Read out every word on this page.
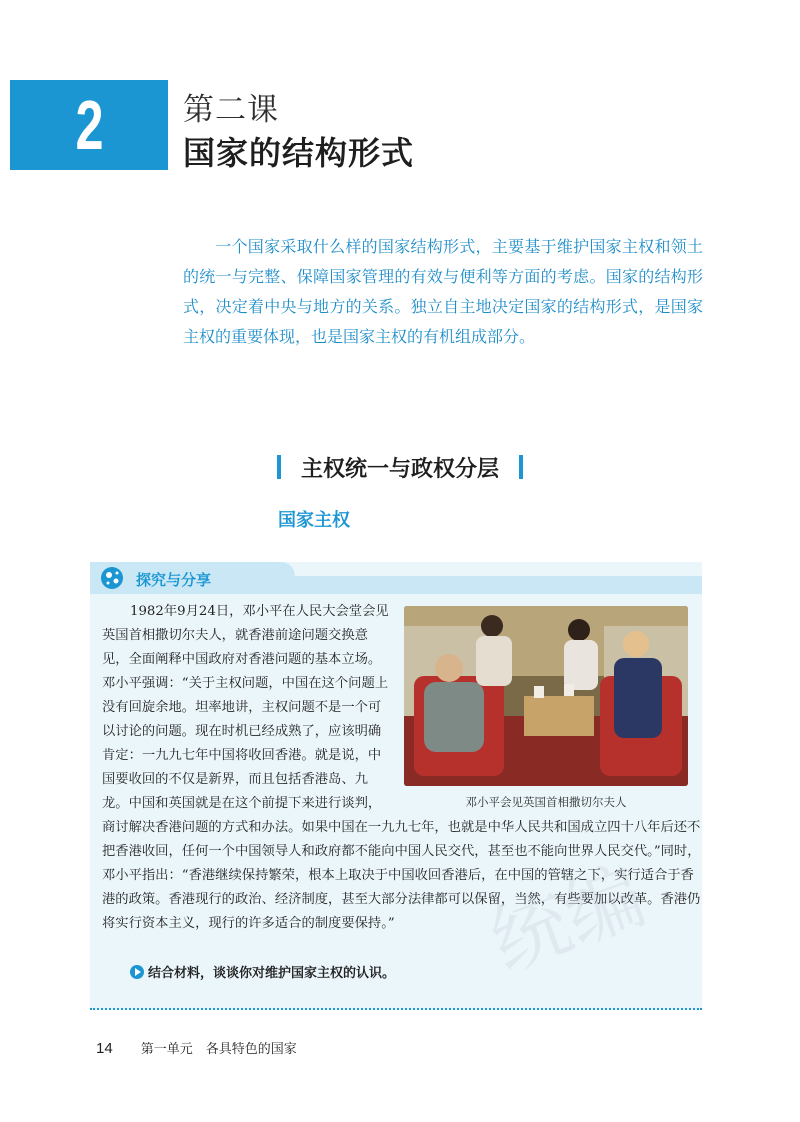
2	第二课
国家的结构形式
一个国家采取什么样的国家结构形式，主要基于维护国家主权和领土的统一与完整、保障国家管理的有效与便利等方面的考虑。国家的结构形式，决定着中央与地方的关系。独立自主地决定国家的结构形式，是国家主权的重要体现，也是国家主权的有机组成部分。
主权统一与政权分层
国家主权
探究与分享
邓小平会见英国首相撒切尔夫人
1982年9月24日，邓小平在人民大会堂会见英国首相撒切尔夫人，就香港前途问题交换意见，全面阐释中国政府对香港问题的基本立场。邓小平强调：“关于主权问题，中国在这个问题上没有回旋余地。坦率地讲，主权问题不是一个可以讨论的问题。现在时机已经成熟了，应该明确肯定：一九九七年中国将收回香港。就是说，中国要收回的不仅是新界，而且包括香港岛、九龙。中国和英国就是在这个前提下来进行谈判，商讨解决香港问题的方式和办法。如果中国在一九九七年，也就是中华人民共和国成立四十八年后还不把香港收回，任何一个中国领导人和政府都不能向中国人民交代，甚至也不能向世界人民交代。”同时，邓小平指出：“香港继续保持繁荣，根本上取决于中国收回香港后，在中国的管辖之下，实行适合于香港的政策。香港现行的政治、经济制度，甚至大部分法律都可以保留，当然，有些要加以改革。香港仍将实行资本主义，现行的许多适合的制度要保持。”
结合材料，谈谈你对维护国家主权的认识。
14 第一单元　各具特色的国家
